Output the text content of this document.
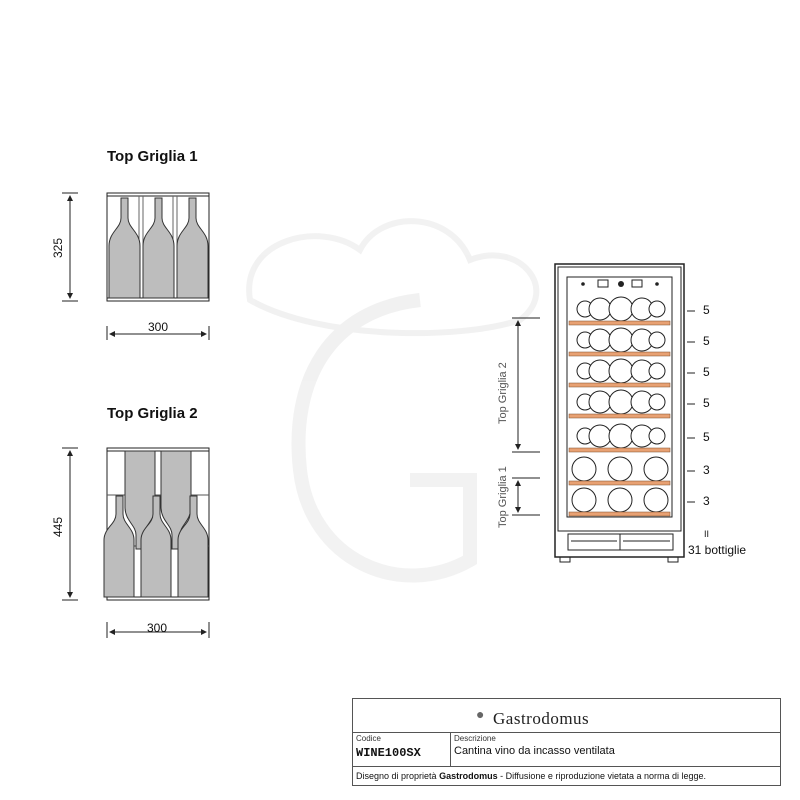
Top Griglia 1
325
300
Top Griglia 2
445
300
Top Griglia 2
Top Griglia 1
5
5
5
5
5
3
3
II
31 bottiglie
● Gastrodomus
Codice
WINE100SX
Descrizione
Cantina vino da incasso ventilata
Disegno di proprietà Gastrodomus - Diffusione e riproduzione vietata a norma di legge.
